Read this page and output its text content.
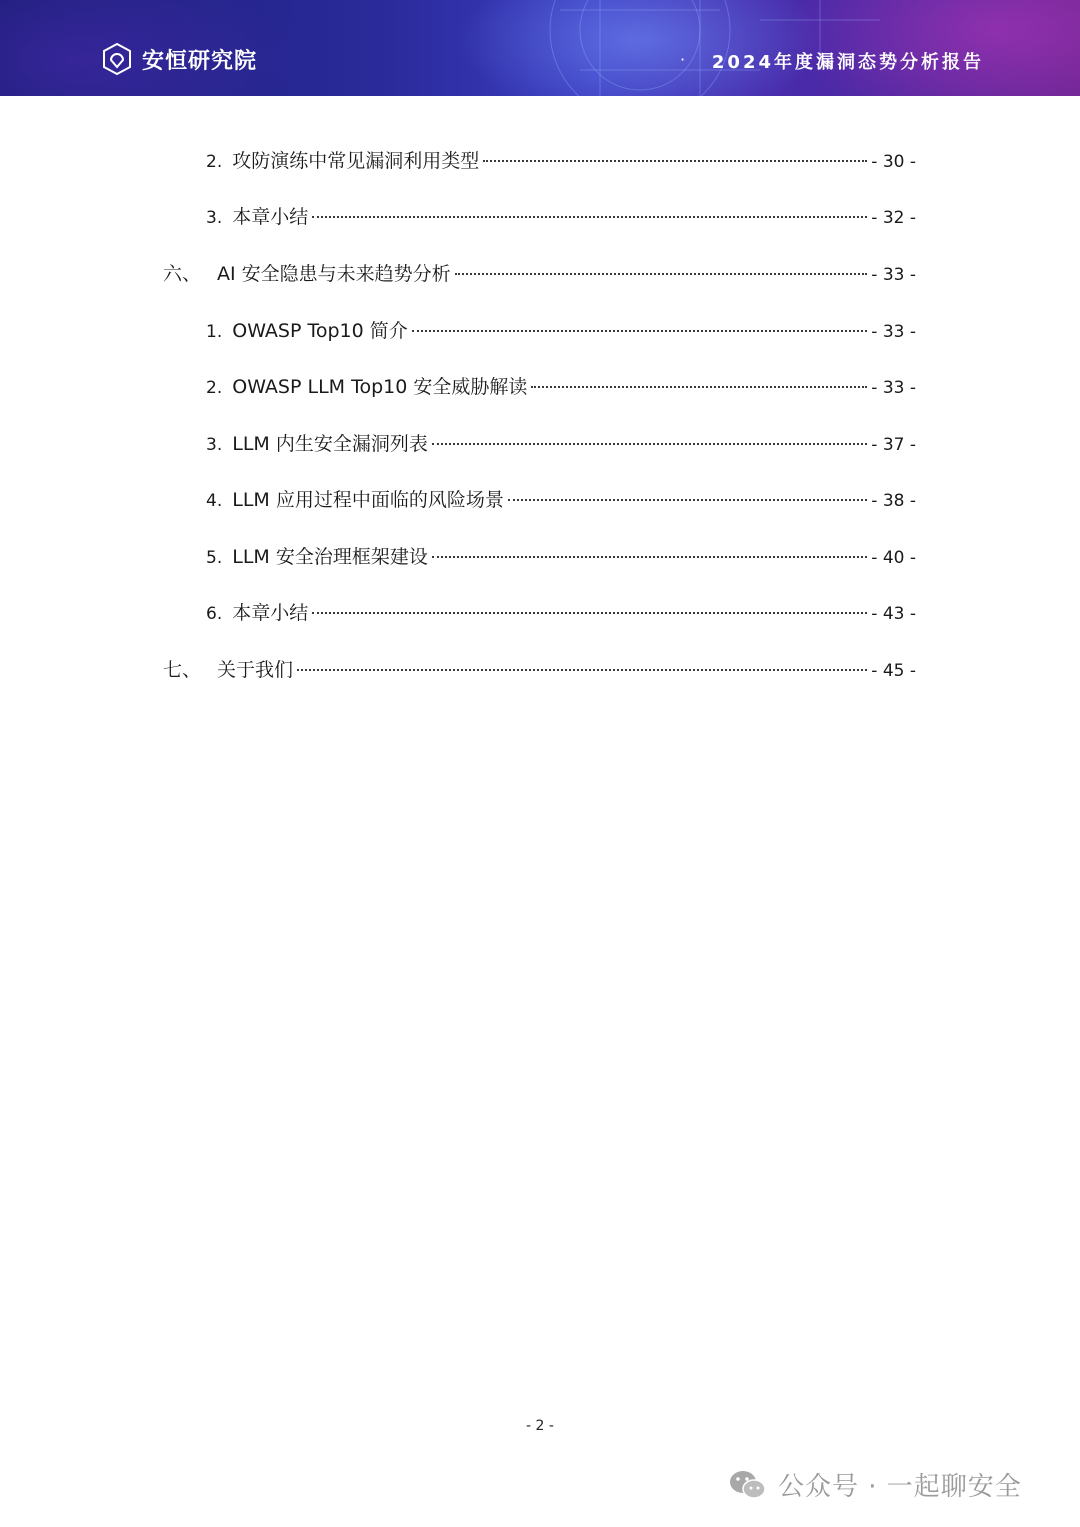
安恒研究院	· 2024年度漏洞态势分析报告
2. 攻防演练中常见漏洞利用类型	- 30 -
3. 本章小结	- 32 -
六、 AI 安全隐患与未来趋势分析	- 33 -
1. OWASP Top10 简介	- 33 -
2. OWASP LLM Top10 安全威胁解读	- 33 -
3. LLM 内生安全漏洞列表	- 37 -
4. LLM 应用过程中面临的风险场景	- 38 -
5. LLM 安全治理框架建设	- 40 -
6. 本章小结	- 43 -
七、 关于我们	- 45 -
- 2 -
公众号 · 一起聊安全
